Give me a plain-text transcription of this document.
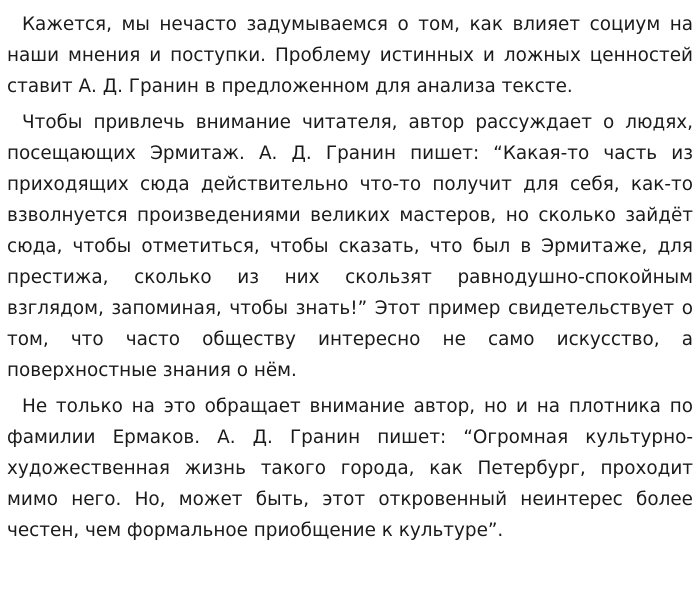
Кажется, мы нечасто задумываемся о том, как влияет социум на наши мнения и поступки. Проблему истинных и ложных ценностей ставит А. Д. Гранин в предложенном для анализа тексте.

Чтобы привлечь внимание читателя, автор рассуждает о людях, посещающих Эрмитаж. А. Д. Гранин пишет: “Какая-то часть из приходящих сюда действительно что-то получит для себя, как-то взволнуется произведениями великих мастеров, но сколько зайдёт сюда, чтобы отметиться, чтобы сказать, что был в Эрмитаже, для престижа, сколько из них скользят равнодушно-спокойным взглядом, запоминая, чтобы знать!” Этот пример свидетельствует о том, что часто обществу интересно не само искусство, а поверхностные знания о нём.

Не только на это обращает внимание автор, но и на плотника по фамилии Ермаков. А. Д. Гранин пишет: “Огромная культурно-художественная жизнь такого города, как Петербург, проходит мимо него. Но, может быть, этот откровенный неинтерес более честен, чем формальное приобщение к культуре”.
